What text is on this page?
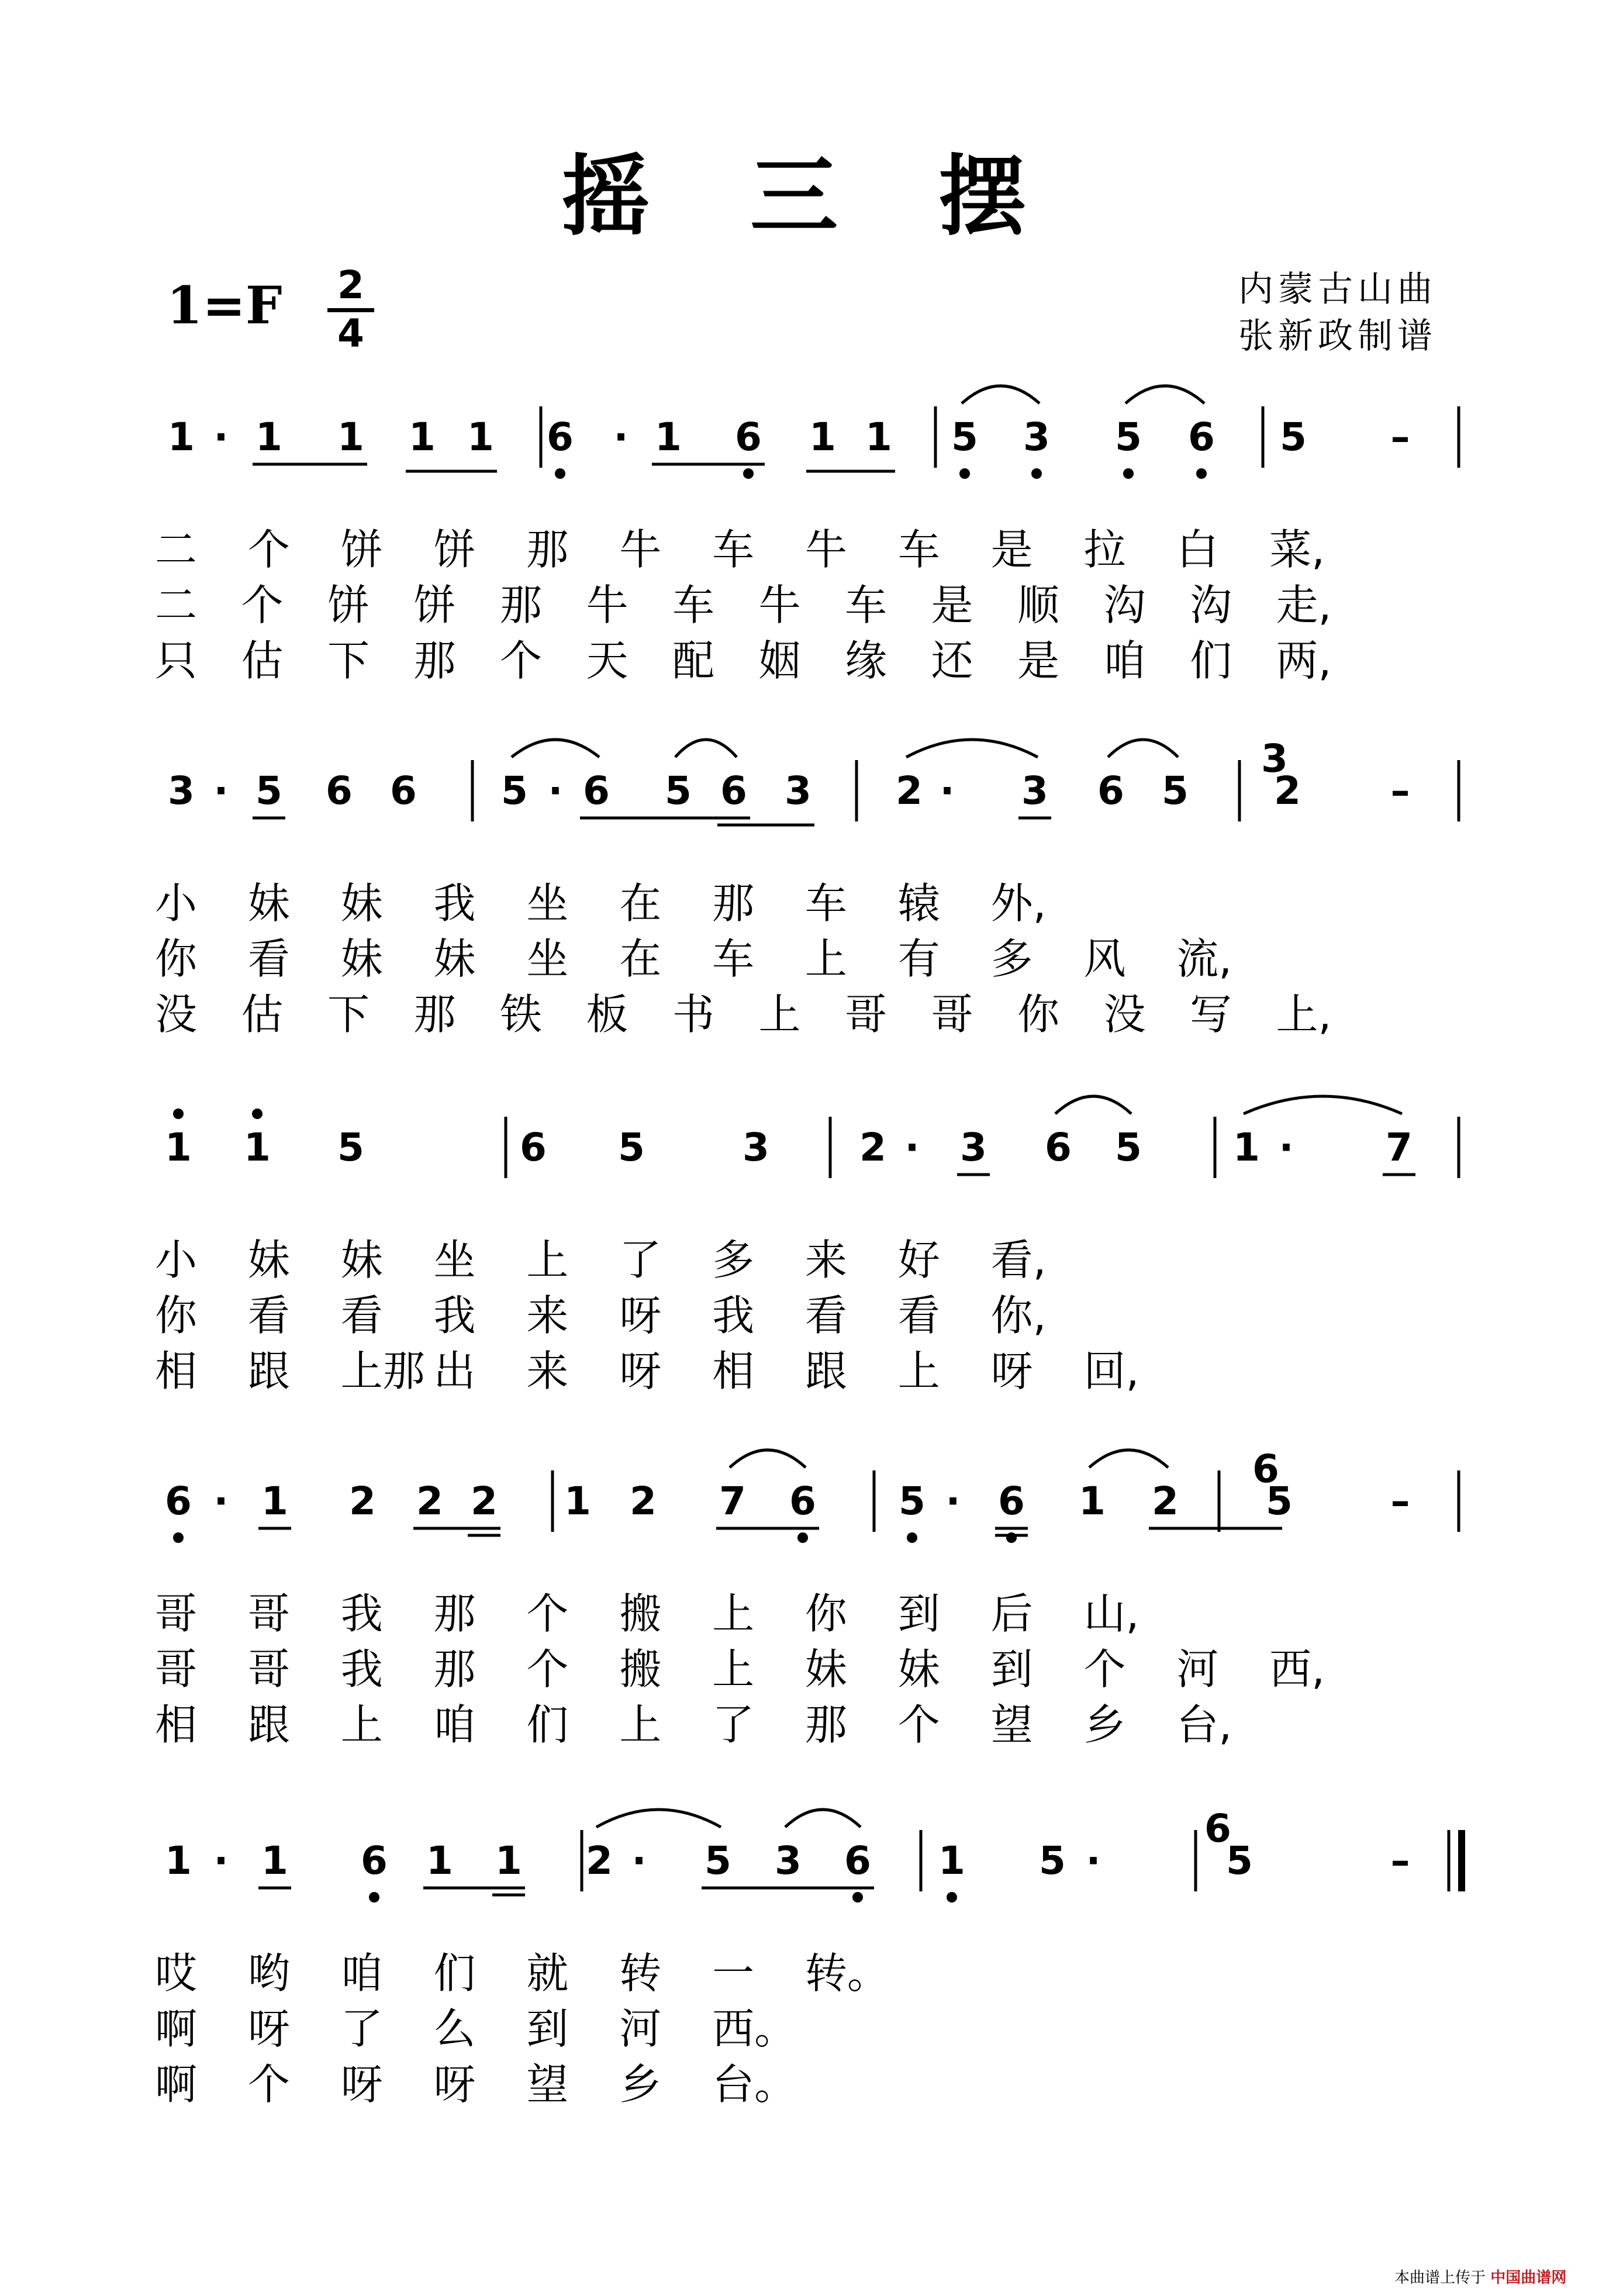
摇 三 摆
$1=F \frac{2}{4}$	内蒙古山曲
张新政制谱
1 · 1 1 1 1 6 · 1 6 1 1 5 3 5 6 5 –
二 个 饼 饼 那 牛 车 牛 车 是 拉 白 菜,
二 个 饼 饼 那 牛 车 牛 车 是 顺 沟 沟 走,
只 估 下 那 个 天 配 姻 缘 还 是 咱 们 两,
3 · 5 6 6 5 · 6 5 6 3 2 · 3 6 5
3
2 –
小 妹 妹 我 坐 在 那 车 辕 外,
你 看 妹 妹 坐 在 车 上 有 多 风 流,
没 估 下 那 铁 板 书 上 哥 哥 你 没 写 上,
1 1 5	6 5	3 2 · 3 6 5 1 · 7
小 妹 妹 坐 上 了 多 来 好 看,
你 看 看 我 来 呀 我 看 看 你,
相 跟 上那 出 来 呀 相 跟 上 呀 回,
6 · 1 2 2 2 1 2 7 6 5 · 6 1 2
6
5	–
哥 哥 我 那 个 搬 上 你 到 后 山,
哥 哥 我 那 个 搬 上 妹 妹 到 个 河 西,
相 跟 上 咱 们 上 了 那 个 望 乡 台,
1 · 1 6 1 1 2 · 5 3 6 1 5 ·
6
5	–
哎 哟 咱 们 就 转 一 转。
啊 呀 了 么 到 河 西。
啊 个 呀 呀 望 乡 台。
本曲谱上传于 中国曲谱网
